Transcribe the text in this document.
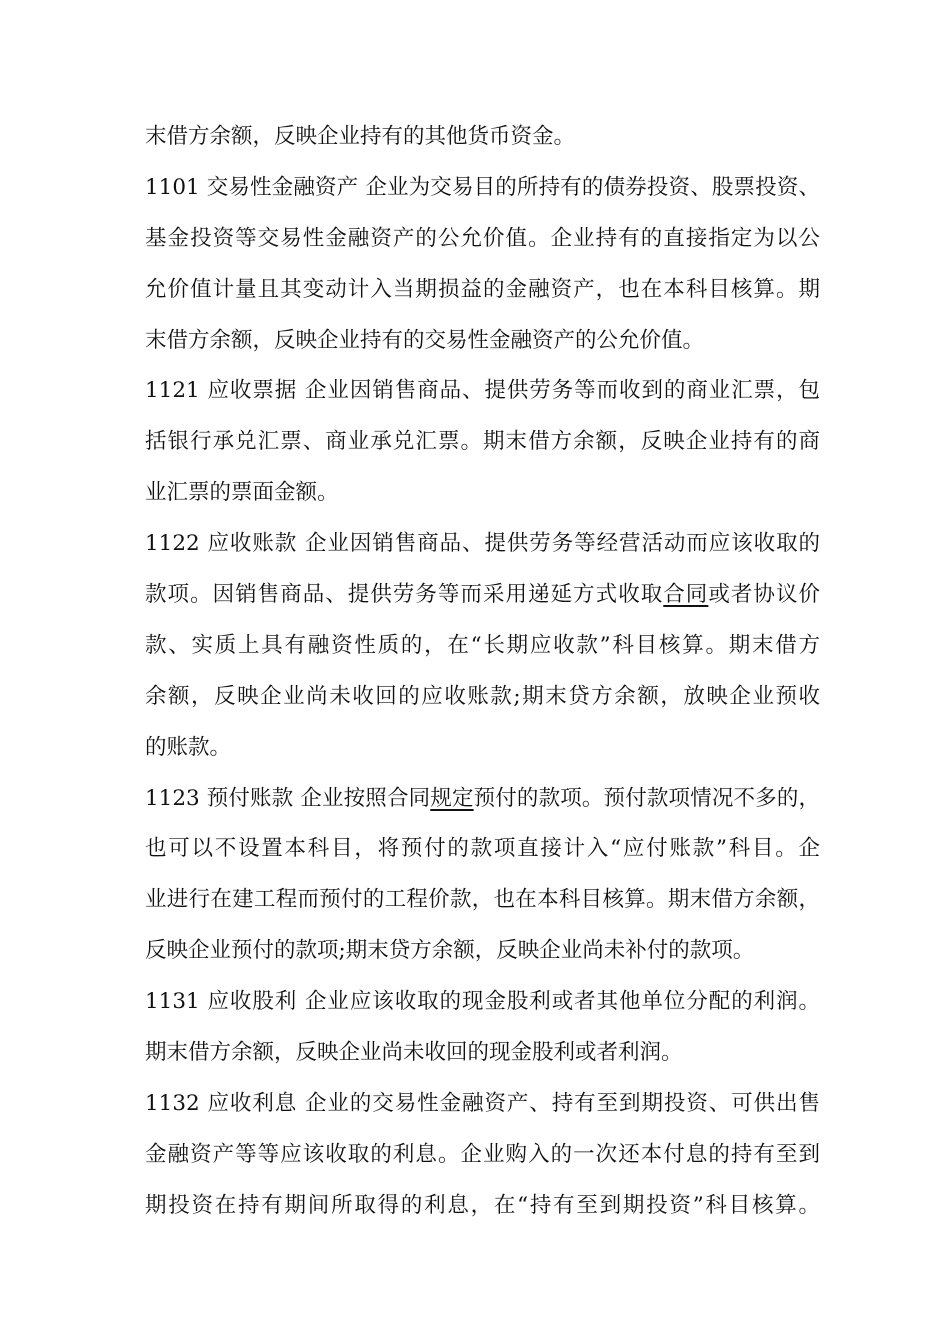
末借方余额，反映企业持有的其他货币资金。
1101 交易性金融资产 企业为交易目的所持有的债券投资、股票投资、
基金投资等交易性金融资产的公允价值。企业持有的直接指定为以公
允价值计量且其变动计入当期损益的金融资产，也在本科目核算。期
末借方余额，反映企业持有的交易性金融资产的公允价值。
1121 应收票据 企业因销售商品、提供劳务等而收到的商业汇票，包
括银行承兑汇票、商业承兑汇票。期末借方余额，反映企业持有的商
业汇票的票面金额。
1122 应收账款 企业因销售商品、提供劳务等经营活动而应该收取的
款项。因销售商品、提供劳务等而采用递延方式收取合同或者协议价
款、实质上具有融资性质的，在“长期应收款”科目核算。期末借方
余额，反映企业尚未收回的应收账款;期末贷方余额，放映企业预收
的账款。
1123 预付账款 企业按照合同规定预付的款项。预付款项情况不多的，
也可以不设置本科目，将预付的款项直接计入“应付账款”科目。企
业进行在建工程而预付的工程价款，也在本科目核算。期末借方余额，
反映企业预付的款项;期末贷方余额，反映企业尚未补付的款项。
1131 应收股利 企业应该收取的现金股利或者其他单位分配的利润。
期末借方余额，反映企业尚未收回的现金股利或者利润。
1132 应收利息 企业的交易性金融资产、持有至到期投资、可供出售
金融资产等等应该收取的利息。企业购入的一次还本付息的持有至到
期投资在持有期间所取得的利息，在“持有至到期投资”科目核算。
